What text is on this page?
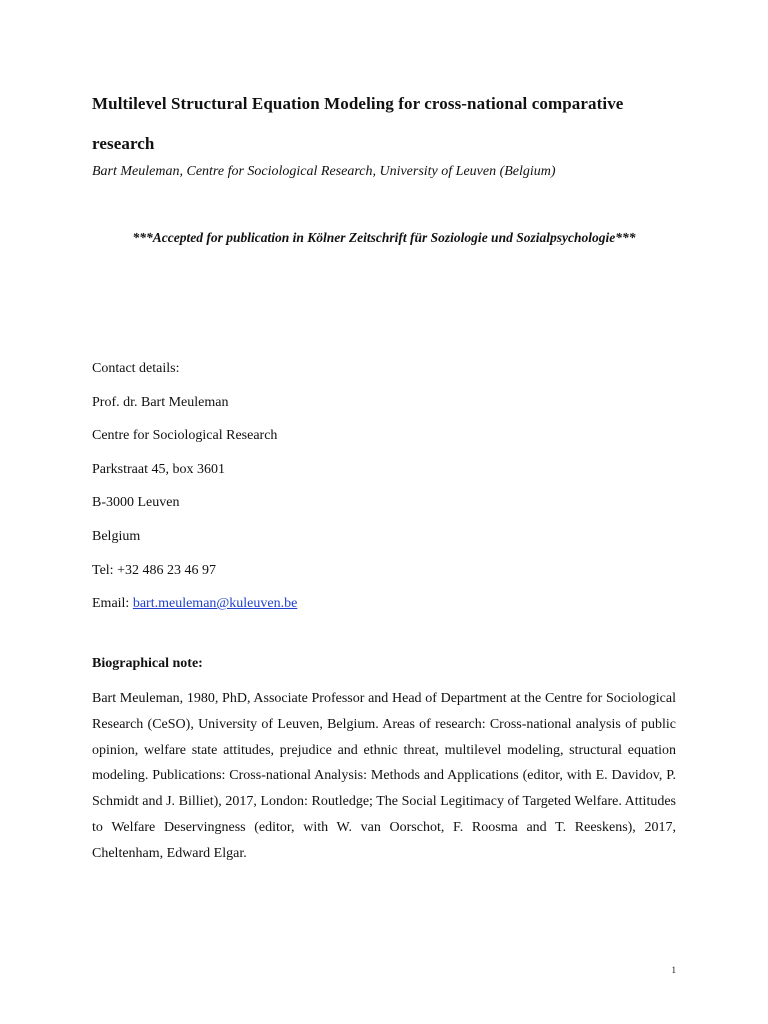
Multilevel Structural Equation Modeling for cross-national comparative research
Bart Meuleman, Centre for Sociological Research, University of Leuven (Belgium)
***Accepted for publication in Kölner Zeitschrift für Soziologie und Sozialpsychologie***
Contact details:
Prof. dr. Bart Meuleman
Centre for Sociological Research
Parkstraat 45, box 3601
B-3000 Leuven
Belgium
Tel: +32 486 23 46 97
Email: bart.meuleman@kuleuven.be
Biographical note:
Bart Meuleman, 1980, PhD, Associate Professor and Head of Department at the Centre for Sociological Research (CeSO), University of Leuven, Belgium. Areas of research: Cross-national analysis of public opinion, welfare state attitudes, prejudice and ethnic threat, multilevel modeling, structural equation modeling. Publications: Cross-national Analysis: Methods and Applications (editor, with E. Davidov, P. Schmidt and J. Billiet), 2017, London: Routledge; The Social Legitimacy of Targeted Welfare. Attitudes to Welfare Deservingness (editor, with W. van Oorschot, F. Roosma and T. Reeskens), 2017, Cheltenham, Edward Elgar.
1
